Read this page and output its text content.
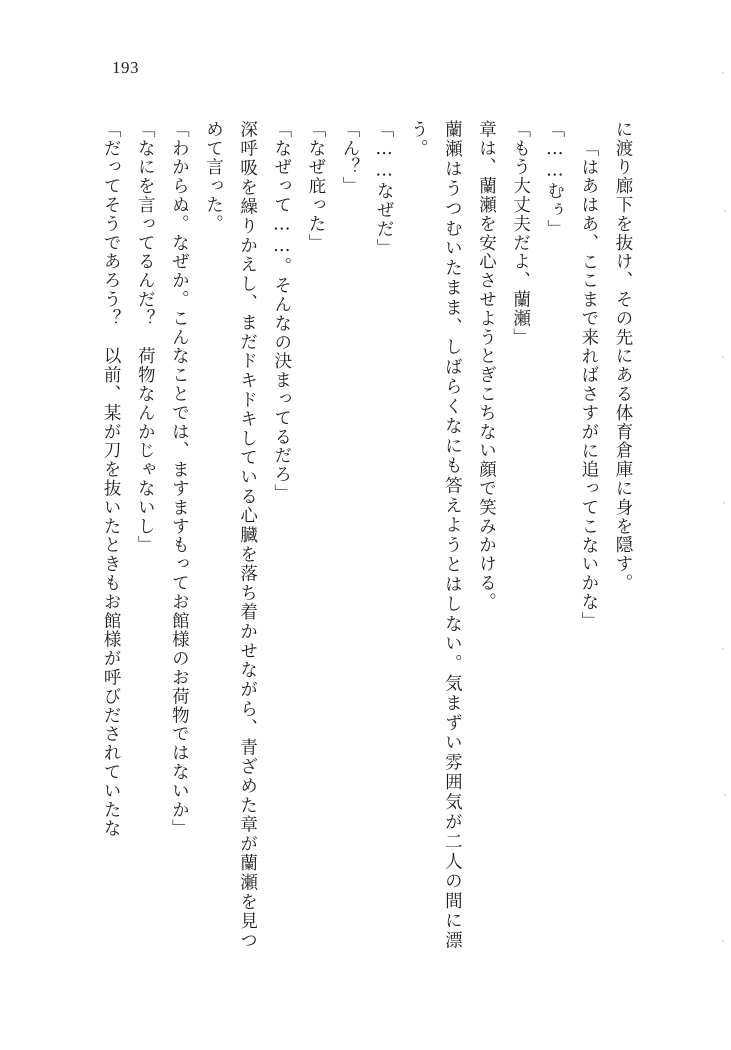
193

に渡り廊下を抜け、その先にある体育倉庫に身を隠す。

「はあはあ、ここまで来ればさすがに追ってこないかな」

「……むぅ」

「もう大丈夫だよ、蘭瀬」

章は、蘭瀬を安心させようとぎこちない顔で笑みかける。

蘭瀬はうつむいたまま、しばらくなにも答えようとはしない。気まずい雰囲気が二人の間に漂う。

「……なぜだ」

「ん？」

「なぜ庇った」

「なぜって……。そんなの決まってるだろ」

深呼吸を繰りかえし、まだドキドキしている心臓を落ち着かせながら、青ざめた章が蘭瀬を見つめて言った。

「わからぬ。なぜか。こんなことでは、ますますもってお館様のお荷物ではないか」

「なにを言ってるんだ？　荷物なんかじゃないし」

「だってそうであろう？　以前、某が刀を抜いたときもお館様が呼びだされていたな
